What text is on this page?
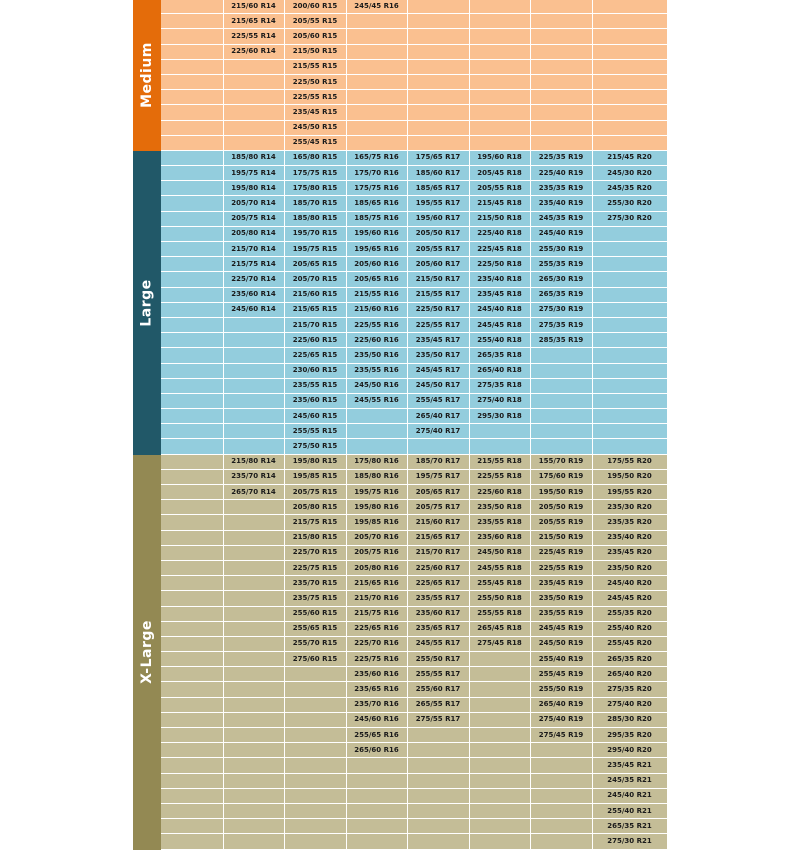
Medium
	215/60 R14	200/60 R15	245/45 R16				
	215/65 R14	205/55 R15					
	225/55 R14	205/60 R15					
	225/60 R14	215/50 R15					
		215/55 R15					
		225/50 R15					
		225/55 R15					
		235/45 R15					
		245/50 R15					
		255/45 R15					
Large
	185/80 R14	165/80 R15	165/75 R16	175/65 R17	195/60 R18	225/35 R19	215/45 R20
	195/75 R14	175/75 R15	175/70 R16	185/60 R17	205/45 R18	225/40 R19	245/30 R20
	195/80 R14	175/80 R15	175/75 R16	185/65 R17	205/55 R18	235/35 R19	245/35 R20
	205/70 R14	185/70 R15	185/65 R16	195/55 R17	215/45 R18	235/40 R19	255/30 R20
	205/75 R14	185/80 R15	185/75 R16	195/60 R17	215/50 R18	245/35 R19	275/30 R20
	205/80 R14	195/70 R15	195/60 R16	205/50 R17	225/40 R18	245/40 R19	
	215/70 R14	195/75 R15	195/65 R16	205/55 R17	225/45 R18	255/30 R19	
	215/75 R14	205/65 R15	205/60 R16	205/60 R17	225/50 R18	255/35 R19	
	225/70 R14	205/70 R15	205/65 R16	215/50 R17	235/40 R18	265/30 R19	
	235/60 R14	215/60 R15	215/55 R16	215/55 R17	235/45 R18	265/35 R19	
	245/60 R14	215/65 R15	215/60 R16	225/50 R17	245/40 R18	275/30 R19	
		215/70 R15	225/55 R16	225/55 R17	245/45 R18	275/35 R19	
		225/60 R15	225/60 R16	235/45 R17	255/40 R18	285/35 R19	
		225/65 R15	235/50 R16	235/50 R17	265/35 R18		
		230/60 R15	235/55 R16	245/45 R17	265/40 R18		
		235/55 R15	245/50 R16	245/50 R17	275/35 R18		
		235/60 R15	245/55 R16	255/45 R17	275/40 R18		
		245/60 R15		265/40 R17	295/30 R18		
		255/55 R15		275/40 R17			
		275/50 R15					
X-Large
	215/80 R14	195/80 R15	175/80 R16	185/70 R17	215/55 R18	155/70 R19	175/55 R20
	235/70 R14	195/85 R15	185/80 R16	195/75 R17	225/55 R18	175/60 R19	195/50 R20
	265/70 R14	205/75 R15	195/75 R16	205/65 R17	225/60 R18	195/50 R19	195/55 R20
		205/80 R15	195/80 R16	205/75 R17	235/50 R18	205/50 R19	235/30 R20
		215/75 R15	195/85 R16	215/60 R17	235/55 R18	205/55 R19	235/35 R20
		215/80 R15	205/70 R16	215/65 R17	235/60 R18	215/50 R19	235/40 R20
		225/70 R15	205/75 R16	215/70 R17	245/50 R18	225/45 R19	235/45 R20
		225/75 R15	205/80 R16	225/60 R17	245/55 R18	225/55 R19	235/50 R20
		235/70 R15	215/65 R16	225/65 R17	255/45 R18	235/45 R19	245/40 R20
		235/75 R15	215/70 R16	235/55 R17	255/50 R18	235/50 R19	245/45 R20
		255/60 R15	215/75 R16	235/60 R17	255/55 R18	235/55 R19	255/35 R20
		255/65 R15	225/65 R16	235/65 R17	265/45 R18	245/45 R19	255/40 R20
		255/70 R15	225/70 R16	245/55 R17	275/45 R18	245/50 R19	255/45 R20
		275/60 R15	225/75 R16	255/50 R17		255/40 R19	265/35 R20
			235/60 R16	255/55 R17		255/45 R19	265/40 R20
			235/65 R16	255/60 R17		255/50 R19	275/35 R20
			235/70 R16	265/55 R17		265/40 R19	275/40 R20
			245/60 R16	275/55 R17		275/40 R19	285/30 R20
			255/65 R16			275/45 R19	295/35 R20
			265/60 R16				295/40 R20
							235/45 R21
							245/35 R21
							245/40 R21
							255/40 R21
							265/35 R21
							275/30 R21
